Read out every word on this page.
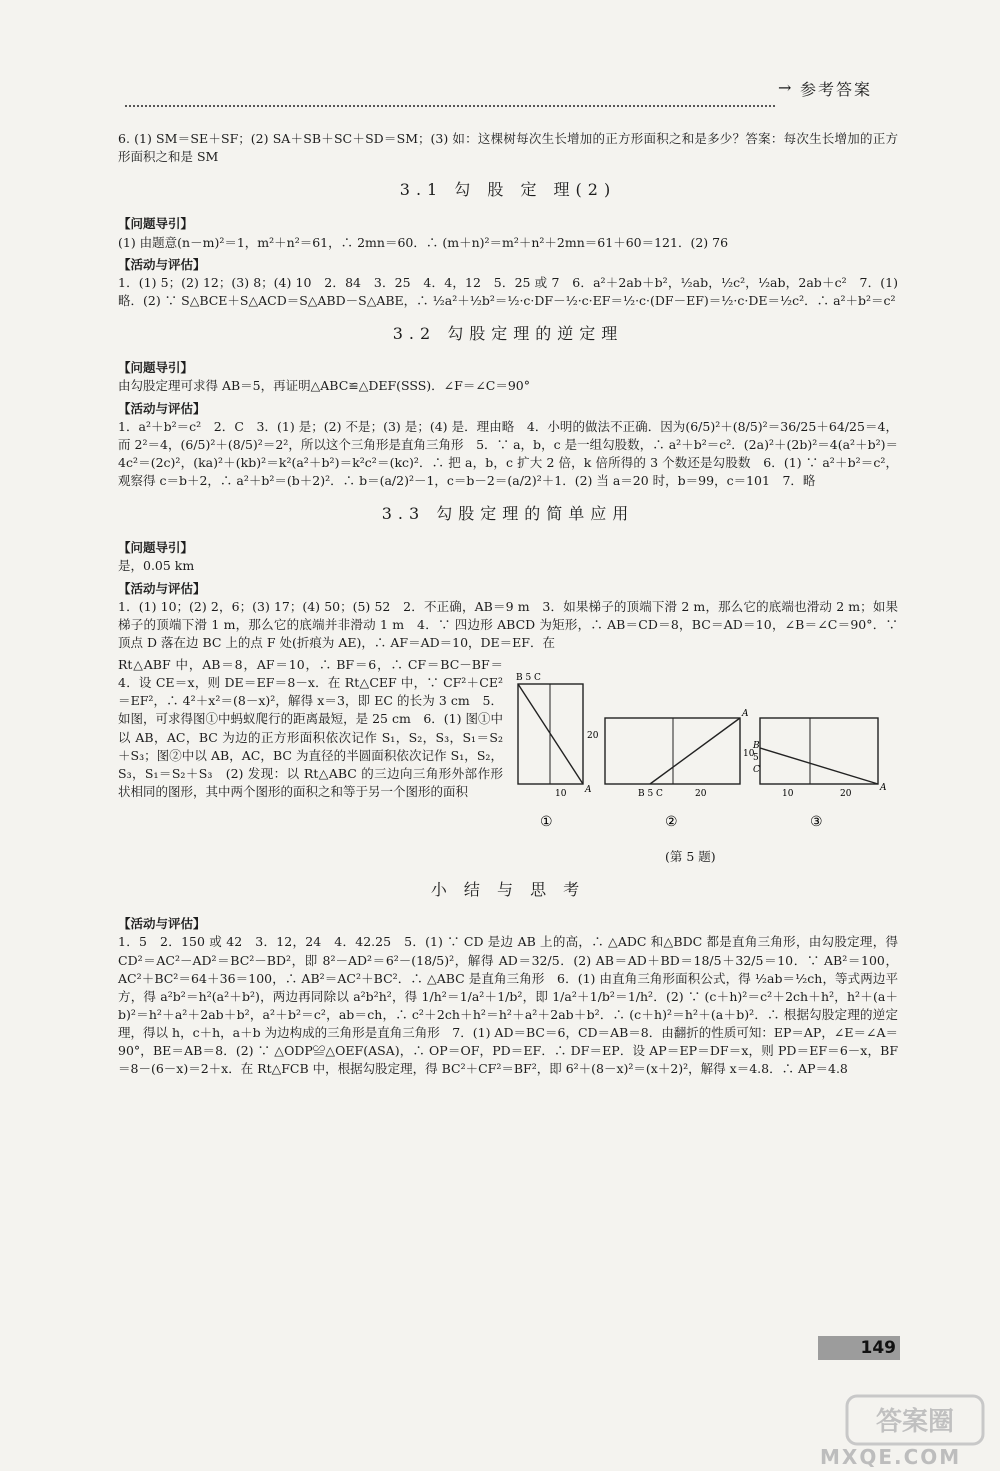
→ 参考答案

6. (1) SM＝SE＋SF；(2) SA＋SB＋SC＋SD＝SM；(3) 如：这棵树每次生长增加的正方形面积之和是多少？答案：每次生长增加的正方形面积之和是 SM

3.1 勾 股 定 理(2)
【问题导引】

(1) 由题意(n－m)²＝1，m²＋n²＝61，∴ 2mn＝60．∴ (m＋n)²＝m²＋n²＋2mn＝61＋60＝121．(2) 76

【活动与评估】

1．(1) 5；(2) 12；(3) 8；(4) 10　2．84　3．25　4．4，12　5．25 或 7　6．a²＋2ab＋b²，½ab，½c²，½ab，2ab＋c²　7．(1) 略．(2) ∵ S△BCE＋S△ACD＝S△ABD－S△ABE，∴ ½a²＋½b²＝½·c·DF－½·c·EF＝½·c·(DF－EF)＝½·c·DE＝½c²．∴ a²＋b²＝c²

3.2 勾股定理的逆定理
【问题导引】

由勾股定理可求得 AB＝5，再证明△ABC≌△DEF(SSS)．∠F＝∠C＝90°

【活动与评估】

1．a²＋b²＝c²　2．C　3．(1) 是；(2) 不是；(3) 是；(4) 是．理由略　4．小明的做法不正确．因为(6/5)²＋(8/5)²＝36/25＋64/25＝4，而 2²＝4，(6/5)²＋(8/5)²＝2²，所以这个三角形是直角三角形　5．∵ a，b，c 是一组勾股数，∴ a²＋b²＝c²．(2a)²＋(2b)²＝4(a²＋b²)＝4c²＝(2c)²，(ka)²＋(kb)²＝k²(a²＋b²)＝k²c²＝(kc)²．∴ 把 a，b，c 扩大 2 倍，k 倍所得的 3 个数还是勾股数　6．(1) ∵ a²＋b²＝c²，观察得 c＝b＋2，∴ a²＋b²＝(b＋2)²．∴ b＝(a/2)²－1，c＝b－2＝(a/2)²＋1．(2) 当 a＝20 时，b＝99，c＝101　7．略

3.3 勾股定理的简单应用
【问题导引】

是，0.05 km

【活动与评估】

1．(1) 10；(2) 2，6；(3) 17；(4) 50；(5) 52　2．不正确，AB＝9 m　3．如果梯子的顶端下滑 2 m，那么它的底端也滑动 2 m；如果梯子的顶端下滑 1 m，那么它的底端并非滑动 1 m　4．∵ 四边形 ABCD 为矩形，∴ AB＝CD＝8，BC＝AD＝10，∠B＝∠C＝90°．∵ 顶点 D 落在边 BC 上的点 F 处(折痕为 AE)，∴ AF＝AD＝10，DE＝EF．在

Rt△ABF 中，AB＝8，AF＝10，∴ BF＝6，∴ CF＝BC－BF＝4．设 CE＝x，则 DE＝EF＝8－x．在 Rt△CEF 中，∵ CF²＋CE²＝EF²，∴ 4²＋x²＝(8－x)²，解得 x＝3，即 EC 的长为 3 cm　5．如图，可求得图①中蚂蚁爬行的距离最短，是 25 cm　6．(1) 图①中以 AB，AC，BC 为边的正方形面积依次记作 S₁，S₂，S₃，S₁＝S₂＋S₃；图②中以 AB，AC，BC 为直径的半圆面积依次记作 S₁，S₂，S₃，S₁＝S₂＋S₃　(2) 发现：以 Rt△ABC 的三边向三角形外部作形状相同的图形，其中两个图形的面积之和等于另一个图形的面积

B 5 C
20
10 A	B 5 C	20
10
A
B
5
C
10	20
A
①	②	③
(第 5 题)
小 结 与 思 考
【活动与评估】

1．5　2．150 或 42　3．12，24　4．42.25　5．(1) ∵ CD 是边 AB 上的高，∴ △ADC 和△BDC 都是直角三角形，由勾股定理，得 CD²＝AC²－AD²＝BC²－BD²，即 8²－AD²＝6²－(18/5)²，解得 AD＝32/5．(2) AB＝AD＋BD＝18/5＋32/5＝10．∵ AB²＝100，AC²＋BC²＝64＋36＝100，∴ AB²＝AC²＋BC²．∴ △ABC 是直角三角形　6．(1) 由直角三角形面积公式，得 ½ab＝½ch，等式两边平方，得 a²b²＝h²(a²＋b²)，两边再同除以 a²b²h²，得 1/h²＝1/a²＋1/b²，即 1/a²＋1/b²＝1/h²．(2) ∵ (c＋h)²＝c²＋2ch＋h²，h²＋(a＋b)²＝h²＋a²＋2ab＋b²，a²＋b²＝c²，ab＝ch，∴ c²＋2ch＋h²＝h²＋a²＋2ab＋b²．∴ (c＋h)²＝h²＋(a＋b)²．∴ 根据勾股定理的逆定理，得以 h，c＋h，a＋b 为边构成的三角形是直角三角形　7．(1) AD＝BC＝6，CD＝AB＝8．由翻折的性质可知：EP＝AP，∠E＝∠A＝90°，BE＝AB＝8．(2) ∵ △ODP≌△OEF(ASA)，∴ OP＝OF，PD＝EF．∴ DF＝EP．设 AP＝EP＝DF＝x，则 PD＝EF＝6－x，BF＝8－(6－x)＝2＋x．在 Rt△FCB 中，根据勾股定理，得 BC²＋CF²＝BF²，即 6²＋(8－x)²＝(x＋2)²，解得 x＝4.8．∴ AP＝4.8

149
答案圈
MXQE.COM
